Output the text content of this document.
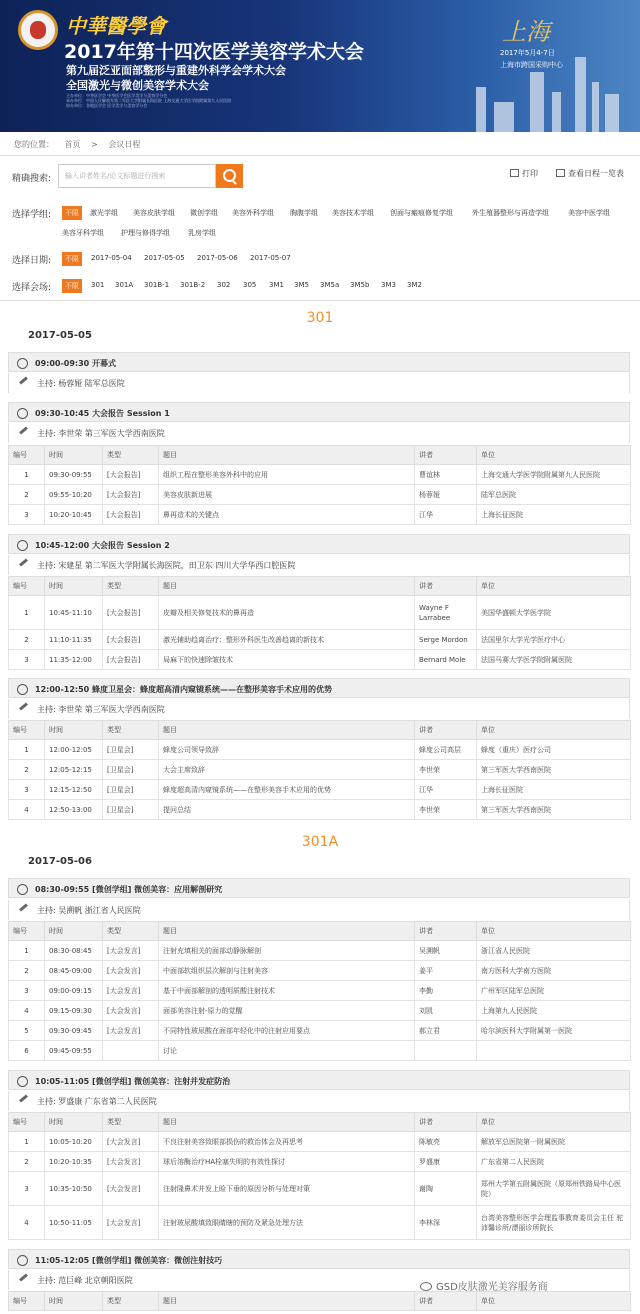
中華醫學會
2017年第十四次医学美容学术大会
第九届泛亚面部整形与重建外科学会学术大会
全国激光与微创美容学术大会
主办单位：中华医学会 中华医学会医学美学与美容学分会
承办单位：中国人民解放军第二军医大学附属长海医院 上海交通大学医学院附属第九人民医院
协办单位：各地医学会 医学美学与美容学分会
上海
2017年5月4-7日
上海市跨国采购中心
您的位置： 首页 > 会议日程
精确搜索:	输入讲者姓名/论文标题进行搜索	打印	查看日程一览表
选择学组:	不限	激光学组 美容皮肤学组 微创学组 美容外科学组 胸腹学组 美容技术学组 创面与瘢痕修复学组	外生殖器整形与再造学组	美容中医学组
美容牙科学组 护理与修得学组	乳房学组
选择日期:	不限	2017-05-04 2017-05-05 2017-05-06 2017-05-07
选择会场:	不限	301 301A 301B-1 301B-2 302 305 3M1 3M5 3M5a 3M5b 3M3 3M2
301
2017-05-05
09:00-09:30 开幕式
主持: 杨蓉娅 陆军总医院
09:30-10:45 大会报告 Session 1
主持: 李世荣 第三军医大学西南医院
编号	时间	类型	题目	讲者	单位
1	09:30-09:55	[大会报告]	组织工程在整形美容外科中的应用	曹谊林	上海交通大学医学院附属第九人民医院
2	09:55-10:20	[大会报告]	美容皮肤新进展	杨蓉娅	陆军总医院
3	10:20-10:45	[大会报告]	鼻再造术的关键点	江华	上海长征医院
10:45-12:00 大会报告 Session 2
主持: 宋建星 第二军医大学附属长海医院，田卫东 四川大学华西口腔医院
编号	时间	类型	题目	讲者	单位
1	10:45-11:10	[大会报告]	皮瓣及相关修复技术的鼻再造	Wayne F Larrabee	美国华盛顿大学医学院
2	11:10-11:35	[大会报告]	激光辅助趋离治疗：整形外科医生改善趋离的新技术	Serge Mordon	法国里尔大学光学医疗中心
3	11:35-12:00	[大会报告]	局麻下的快速除皱技术	Bernard Mole	法国马赛大学医学院附属医院
12:00-12:50 蜂度卫星会：蜂度超高清内窥镜系统——在整形美容手术应用的优势
主持: 李世荣 第三军医大学西南医院
编号	时间	类型	题目	讲者	单位
1	12:00-12:05	[卫星会]	蜂度公司领导致辞	蜂度公司高层	蜂度（重庆）医疗公司
2	12:05-12:15	[卫星会]	大会主席致辞	李世荣	第三军医大学西南医院
3	12:15-12:50	[卫星会]	蜂度超高清内窥镜系统——在整形美容手术应用的优势	江华	上海长征医院
4	12:50-13:00	[卫星会]	提问总结	李世荣	第三军医大学西南医院
301A
2017-05-06
08:30-09:55 [微创学组] 微创美容：应用解剖研究
主持: 吴溯帆 浙江省人民医院
编号	时间	类型	题目	讲者	单位
1	08:30-08:45	[大会发言]	注射充填相关的面部动静脉解剖	吴溯帆	浙江省人民医院
2	08:45-09:00	[大会发言]	中面部软组织层次解剖与注射美容	姜平	南方医科大学南方医院
3	09:00-09:15	[大会发言]	基于中面部解剖的透明质酸注射技术	李勤	广州军区陆军总医院
4	09:15-09:30	[大会发言]	面部美容注射-原力的觉醒	刘凯	上海第九人民医院
5	09:30-09:45	[大会发言]	不同特性玻尿酸在面部年轻化中的注射应用要点	郝立君	哈尔滨医科大学附属第一医院
6	09:45-09:55		讨论		
10:05-11:05 [微创学组] 微创美容：注射并发症防治
主持: 罗盛康 广东省第二人民医院
编号	时间	类型	题目	讲者	单位
1	10:05-10:20	[大会发言]	不良注射美容致眼部损伤的救治体会及再思考	陈敏亮	解放军总医院第一附属医院
2	10:20-10:35	[大会发言]	球后溶酶治疗HA栓塞失明的有效性探讨	罗盛康	广东省第二人民医院
3	10:35-10:50	[大会发言]	注射隆鼻术并发上睑下垂的原因分析与处理对策	谢陶	郑州大学第五附属医院（原郑州铁路局中心医院）
4	10:50-11:05	[大会发言]	注射玻尿酸填致眼睛瞎的预防及紧急处理方法	李林深	台湾美容整形医学会理监事教育委员会主任 驼沛馨诊所/漂丽诊所院长
11:05-12:05 [微创学组] 微创美容：微创注射技巧
主持: 范巨峰 北京朝阳医院
编号	时间	类型	题目	讲者	单位
GSD皮肤激光美容服务商
